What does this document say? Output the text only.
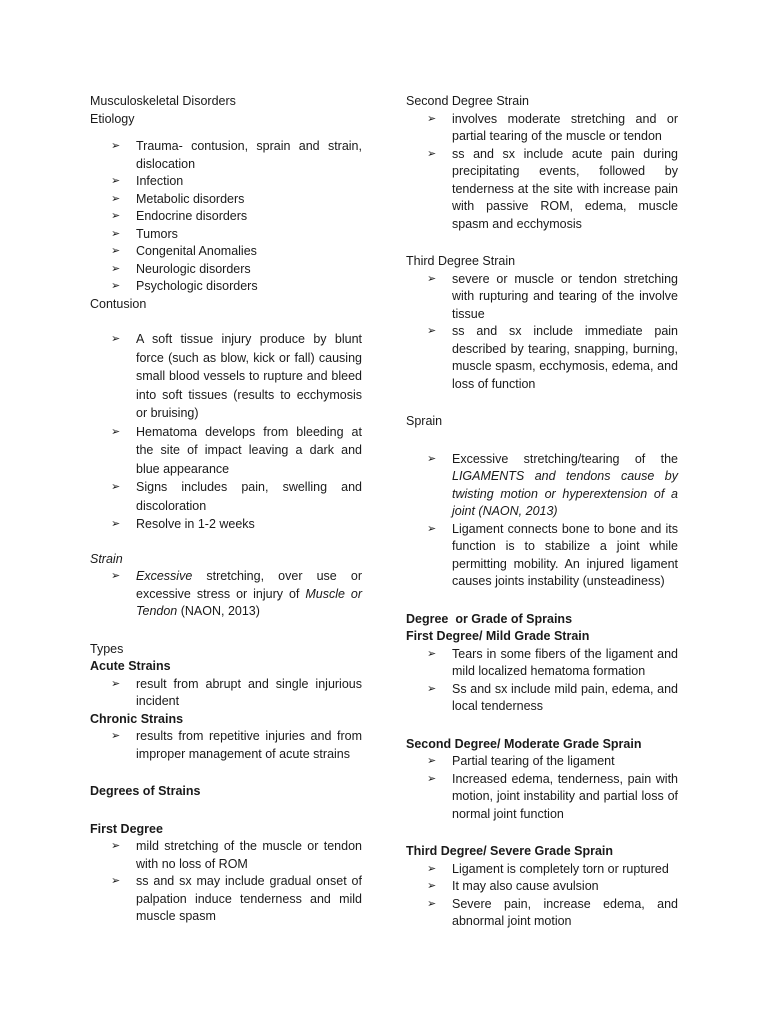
Musculoskeletal Disorders

Etiology

➢ Trauma- contusion, sprain and strain, dislocation
➢ Infection
➢ Metabolic disorders
➢ Endocrine disorders
➢ Tumors
➢ Congenital Anomalies
➢ Neurologic disorders
➢ Psychologic disorders

Contusion

➢ A soft tissue injury produce by blunt force (such as blow, kick or fall) causing small blood vessels to rupture and bleed into soft tissues (results to ecchymosis or bruising)
➢ Hematoma develops from bleeding at the site of impact leaving a dark and blue appearance
➢ Signs includes pain, swelling and discoloration
➢ Resolve in 1-2 weeks

Strain

➢ Excessive stretching, over use or excessive stress or injury of Muscle or Tendon (NAON, 2013)

Types

Acute Strains

➢ result from abrupt and single injurious incident

Chronic Strains

➢ results from repetitive injuries and from improper management of acute strains

Degrees of Strains

First Degree

➢ mild stretching of the muscle or tendon with no loss of ROM
➢ ss and sx may include gradual onset of palpation induce tenderness and mild muscle spasm

Second Degree Strain

➢ involves moderate stretching and or partial tearing of the muscle or tendon
➢ ss and sx include acute pain during precipitating events, followed by tenderness at the site with increase pain with passive ROM, edema, muscle spasm and ecchymosis

Third Degree Strain

➢ severe or muscle or tendon stretching with rupturing and tearing of the involve tissue
➢ ss and sx include immediate pain described by tearing, snapping, burning, muscle spasm, ecchymosis, edema, and loss of function

Sprain

➢ Excessive stretching/tearing of the LIGAMENTS and tendons cause by twisting motion or hyperextension of a joint (NAON, 2013)
➢ Ligament connects bone to bone and its function is to stabilize a joint while permitting mobility. An injured ligament causes joints instability (unsteadiness)

Degree  or Grade of Sprains

First Degree/ Mild Grade Strain

➢ Tears in some fibers of the ligament and mild localized hematoma formation
➢ Ss and sx include mild pain, edema, and local tenderness

Second Degree/ Moderate Grade Sprain

➢ Partial tearing of the ligament
➢ Increased edema, tenderness, pain with motion, joint instability and partial loss of normal joint function

Third Degree/ Severe Grade Sprain

➢ Ligament is completely torn or ruptured
➢ It may also cause avulsion
➢ Severe pain, increase edema, and abnormal joint motion
